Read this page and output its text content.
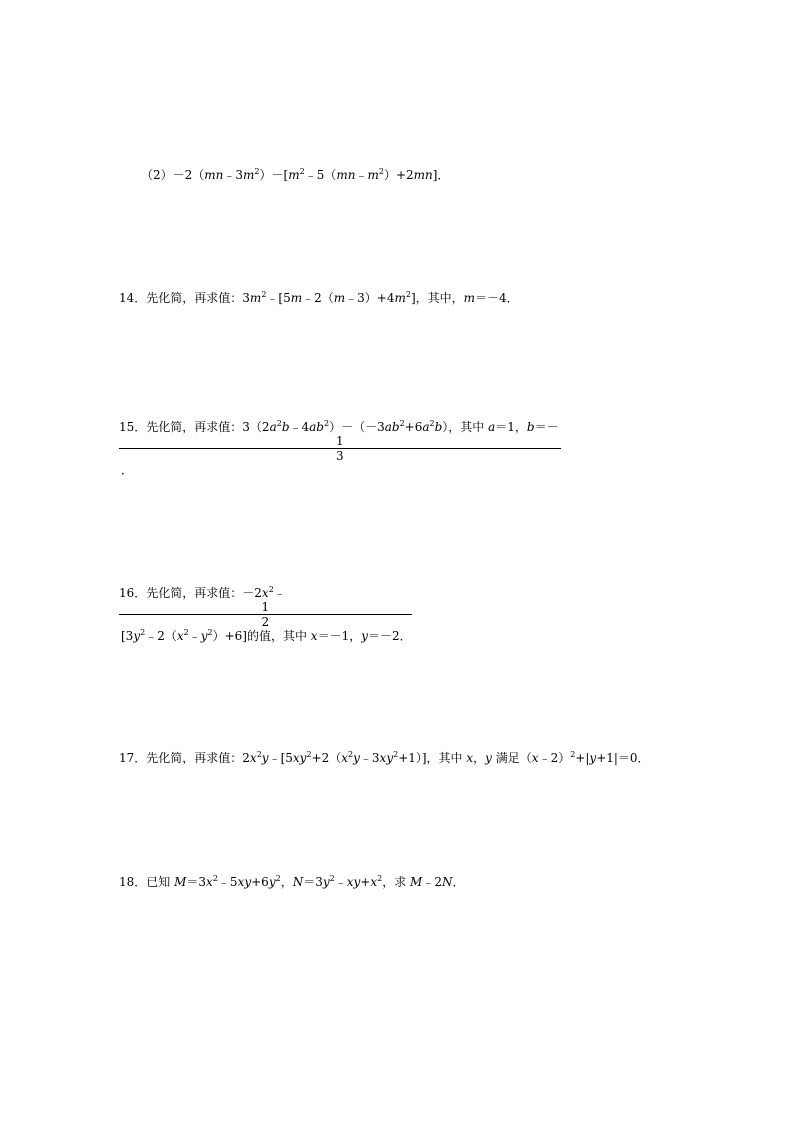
$(2)-2(mn﹣3m^2)-[m^2﹣5(mn﹣m^2)+2mn]$．
14．先化简，再求值：$3m^2﹣[5m﹣2(m﹣3)+4m^2]$，其中，m＝－4．
15．先化简，再求值：$3(2a^2b﹣4ab^2)-(-3ab^2+6a^2b)$，其中 a＝1，b＝－
1
3
．
16．先化简，再求值：$-2x^2﹣$
1
2
$[3y^2﹣2(x^2﹣y^2)+6]$的值，其中 x＝－1，y＝－2．
17．先化简，再求值：$2x^2y﹣[5xy^2+2(x^2y﹣3xy^2+1)]$，其中 x，y 满足（x﹣2）$^2$+|y+1|＝0．
18．已知 $M=3x^2﹣5xy+6y^2$，$N=3y^2﹣xy+x^2$，求 M﹣2N．
